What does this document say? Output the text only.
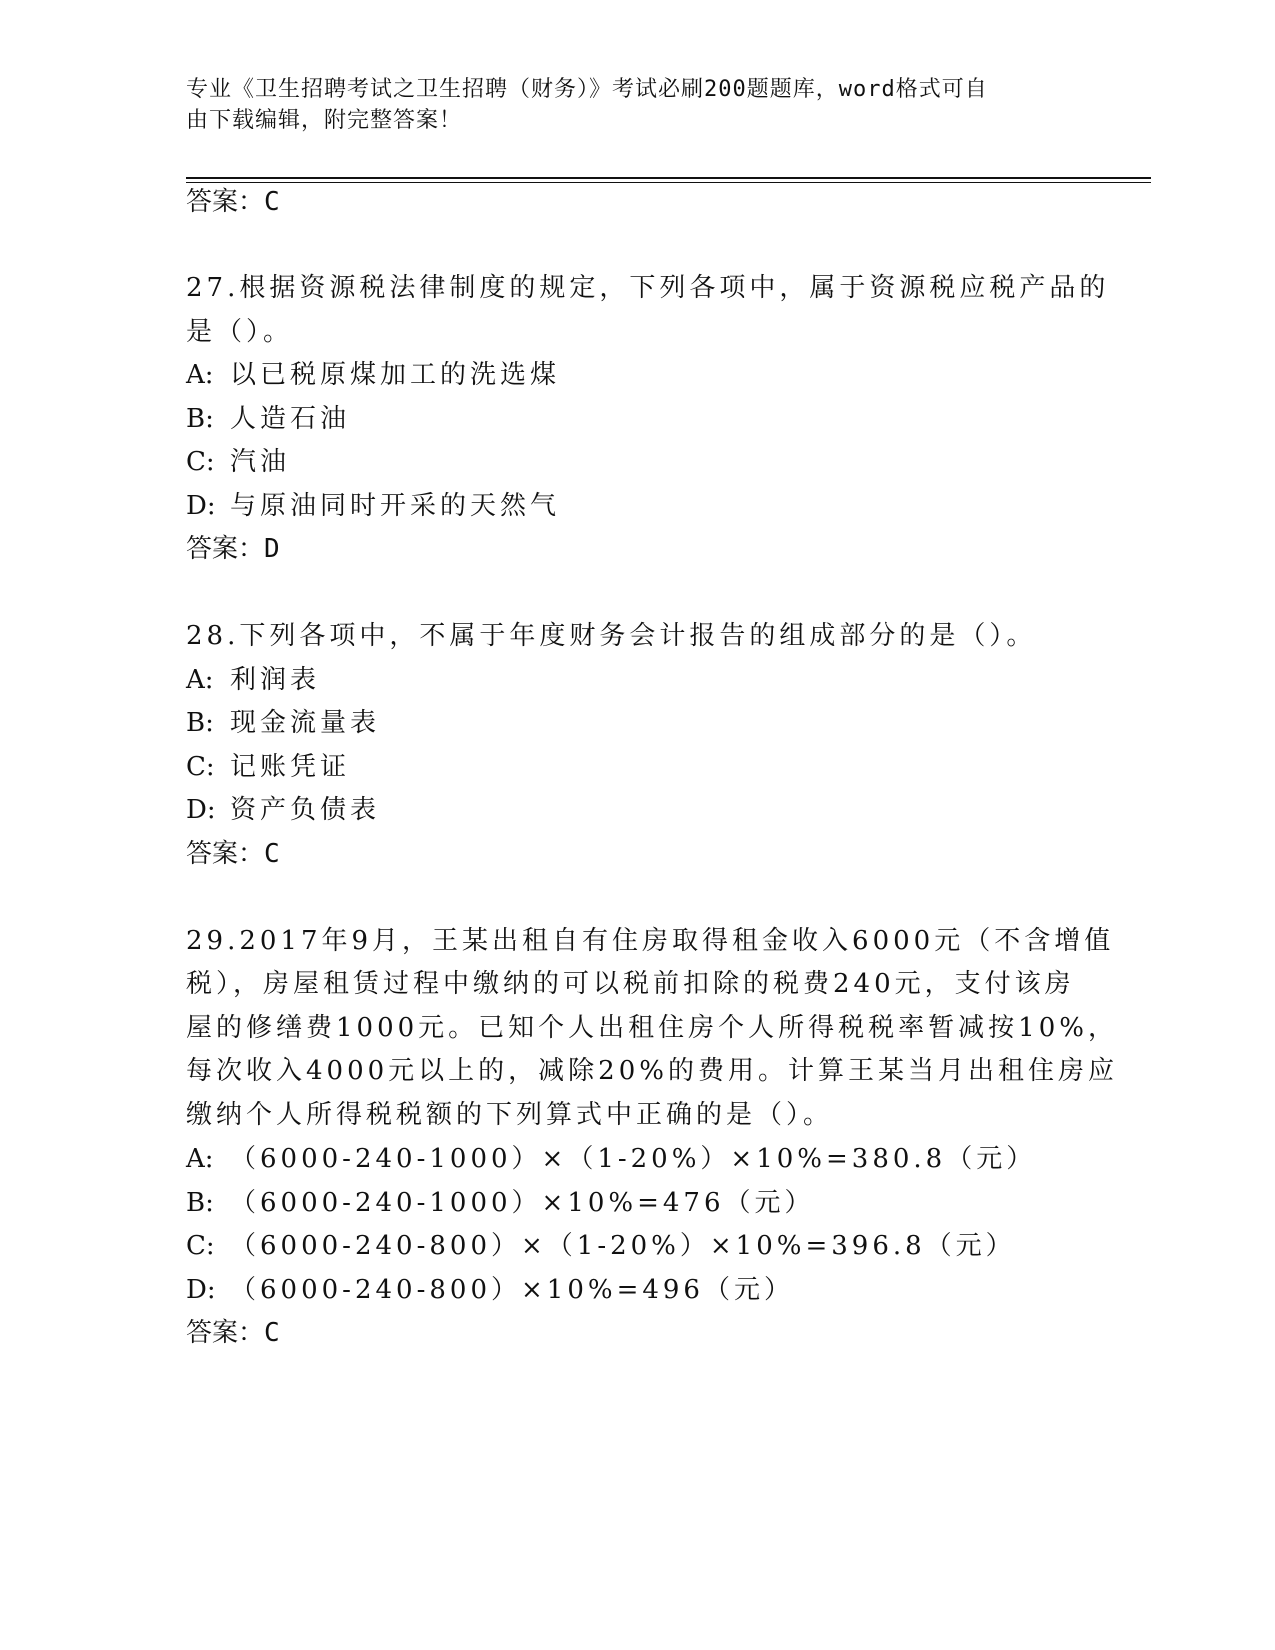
专业《卫生招聘考试之卫生招聘（财务）》考试必刷200题题库，word格式可自
由下载编辑，附完整答案！
答案：C
27.根据资源税法律制度的规定，下列各项中，属于资源税应税产品的
是（）。
A: 以已税原煤加工的洗选煤
B: 人造石油
C: 汽油
D: 与原油同时开采的天然气
答案：D
28.下列各项中，不属于年度财务会计报告的组成部分的是（）。
A: 利润表
B: 现金流量表
C: 记账凭证
D: 资产负债表
答案：C
29.2017年9月，王某出租自有住房取得租金收入6000元（不含增值
税），房屋租赁过程中缴纳的可以税前扣除的税费240元，支付该房
屋的修缮费1000元。已知个人出租住房个人所得税税率暂减按10%，
每次收入4000元以上的，减除20%的费用。计算王某当月出租住房应
缴纳个人所得税税额的下列算式中正确的是（）。
A: （6000-240-1000）×（1-20%）×10%=380.8（元）
B: （6000-240-1000）×10%=476（元）
C: （6000-240-800）×（1-20%）×10%=396.8（元）
D: （6000-240-800）×10%=496（元）
答案：C
